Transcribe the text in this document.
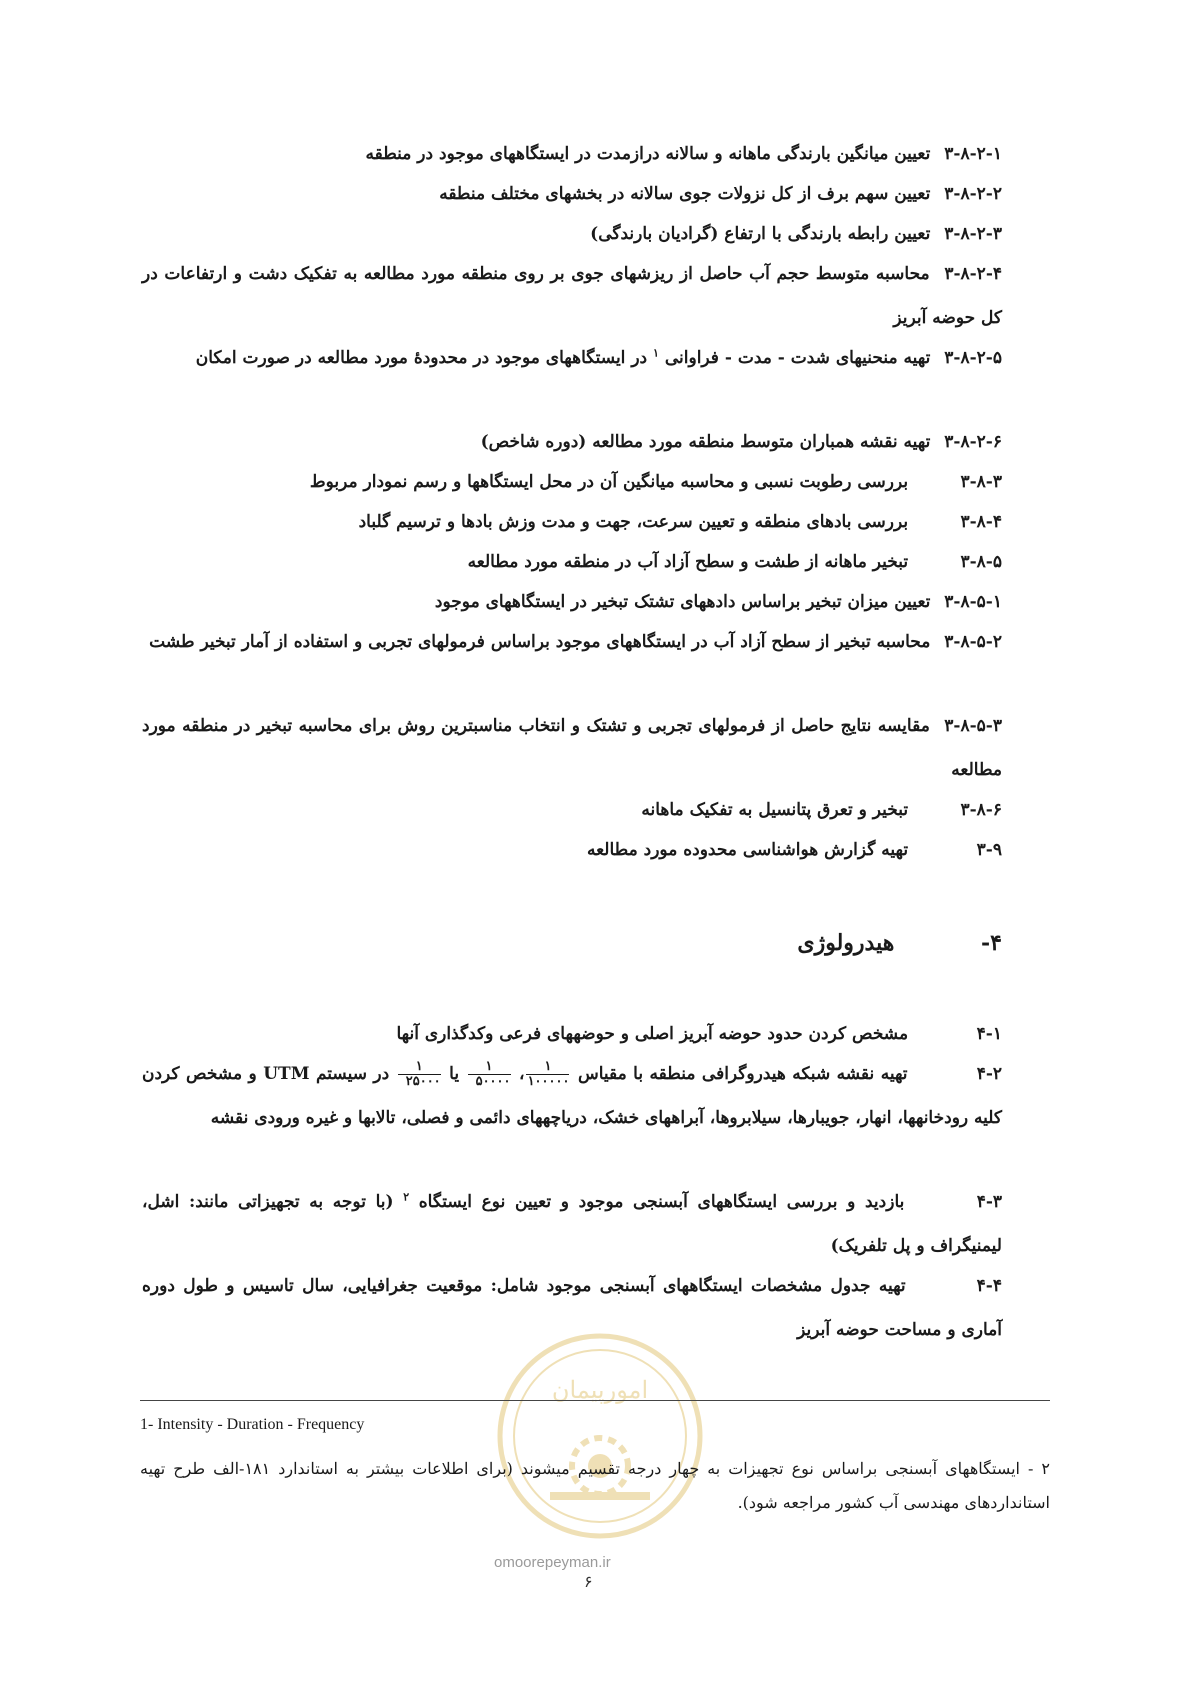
۳-۸-۲-۱ تعیین میانگین بارندگی ماهانه و سالانه درازمدت در ایستگاههای موجود در منطقه
۳-۸-۲-۲ تعیین سهم برف از کل نزولات جوی سالانه در بخشهای مختلف منطقه
۳-۸-۲-۳ تعیین رابطه بارندگی با ارتفاع (گرادیان بارندگی)
۳-۸-۲-۴ محاسبه متوسط حجم آب حاصل از ریزشهای جوی بر روی منطقه مورد مطالعه به تفکیک دشت و ارتفاعات در کل حوضه آبریز
۳-۸-۲-۵ تهیه منحنیهای شدت - مدت - فراوانی $^۱$ در ایستگاههای موجود در محدودهٔ مورد مطالعه در صورت امکان
۳-۸-۲-۶ تهیه نقشه همباران متوسط منطقه مورد مطالعه (دوره شاخص)
۳-۸-۳ بررسی رطوبت نسبی و محاسبه میانگین آن در محل ایستگاهها و رسم نمودار مربوط
۳-۸-۴ بررسی بادهای منطقه و تعیین سرعت، جهت و مدت وزش بادها و ترسیم گلباد
۳-۸-۵ تبخیر ماهانه از طشت و سطح آزاد آب در منطقه مورد مطالعه
۳-۸-۵-۱ تعیین میزان تبخیر براساس دادههای تشتک تبخیر در ایستگاههای موجود
۳-۸-۵-۲ محاسبه تبخیر از سطح آزاد آب در ایستگاههای موجود براساس فرمولهای تجربی و استفاده از آمار تبخیر طشت
۳-۸-۵-۳ مقایسه نتایج حاصل از فرمولهای تجربی و تشتک و انتخاب مناسبترین روش برای محاسبه تبخیر در منطقه مورد مطالعه
۳-۸-۶ تبخیر و تعرق پتانسیل به تفکیک ماهانه
۳-۹ تهیه گزارش هواشناسی محدوده مورد مطالعه
۴- هیدرولوژی
۴-۱ مشخص کردن حدود حوضه آبریز اصلی و حوضههای فرعی وکدگذاری آنها
۴-۲ تهیه نقشه شبکه هیدروگرافی منطقه با مقیاس
$\frac{۱}{۱۰۰۰۰۰}$
،
$\frac{۱}{۵۰۰۰۰}$
یا
$\frac{۱}{۲۵۰۰۰}$
در سیستم UTM و مشخص کردن کلیه رودخانهها، انهار، جویبارها، سیلابروها، آبراههای خشک، دریاچههای دائمی و فصلی، تالابها و غیره ورودی نقشه
۴-۳ بازدید و بررسی ایستگاههای آبسنجی موجود و تعیین نوع ایستگاه $^۲$ (با توجه به تجهیزاتی مانند: اشل، لیمنیگراف و پل تلفریک)
۴-۴ تهیه جدول مشخصات ایستگاههای آبسنجی موجود شامل: موقعیت جغرافیایی، سال تاسیس و طول دوره آماری و مساحت حوضه آبریز
امورپیمان
1- Intensity - Duration - Frequency
۲ - ایستگاههای آبسنجی براساس نوع تجهیزات به چهار درجه تقسیم میشوند (برای اطلاعات بیشتر به استاندارد ۱۸۱-الف طرح تهیه استانداردهای مهندسی آب کشور مراجعه شود).
omoorepeyman.ir
۶
